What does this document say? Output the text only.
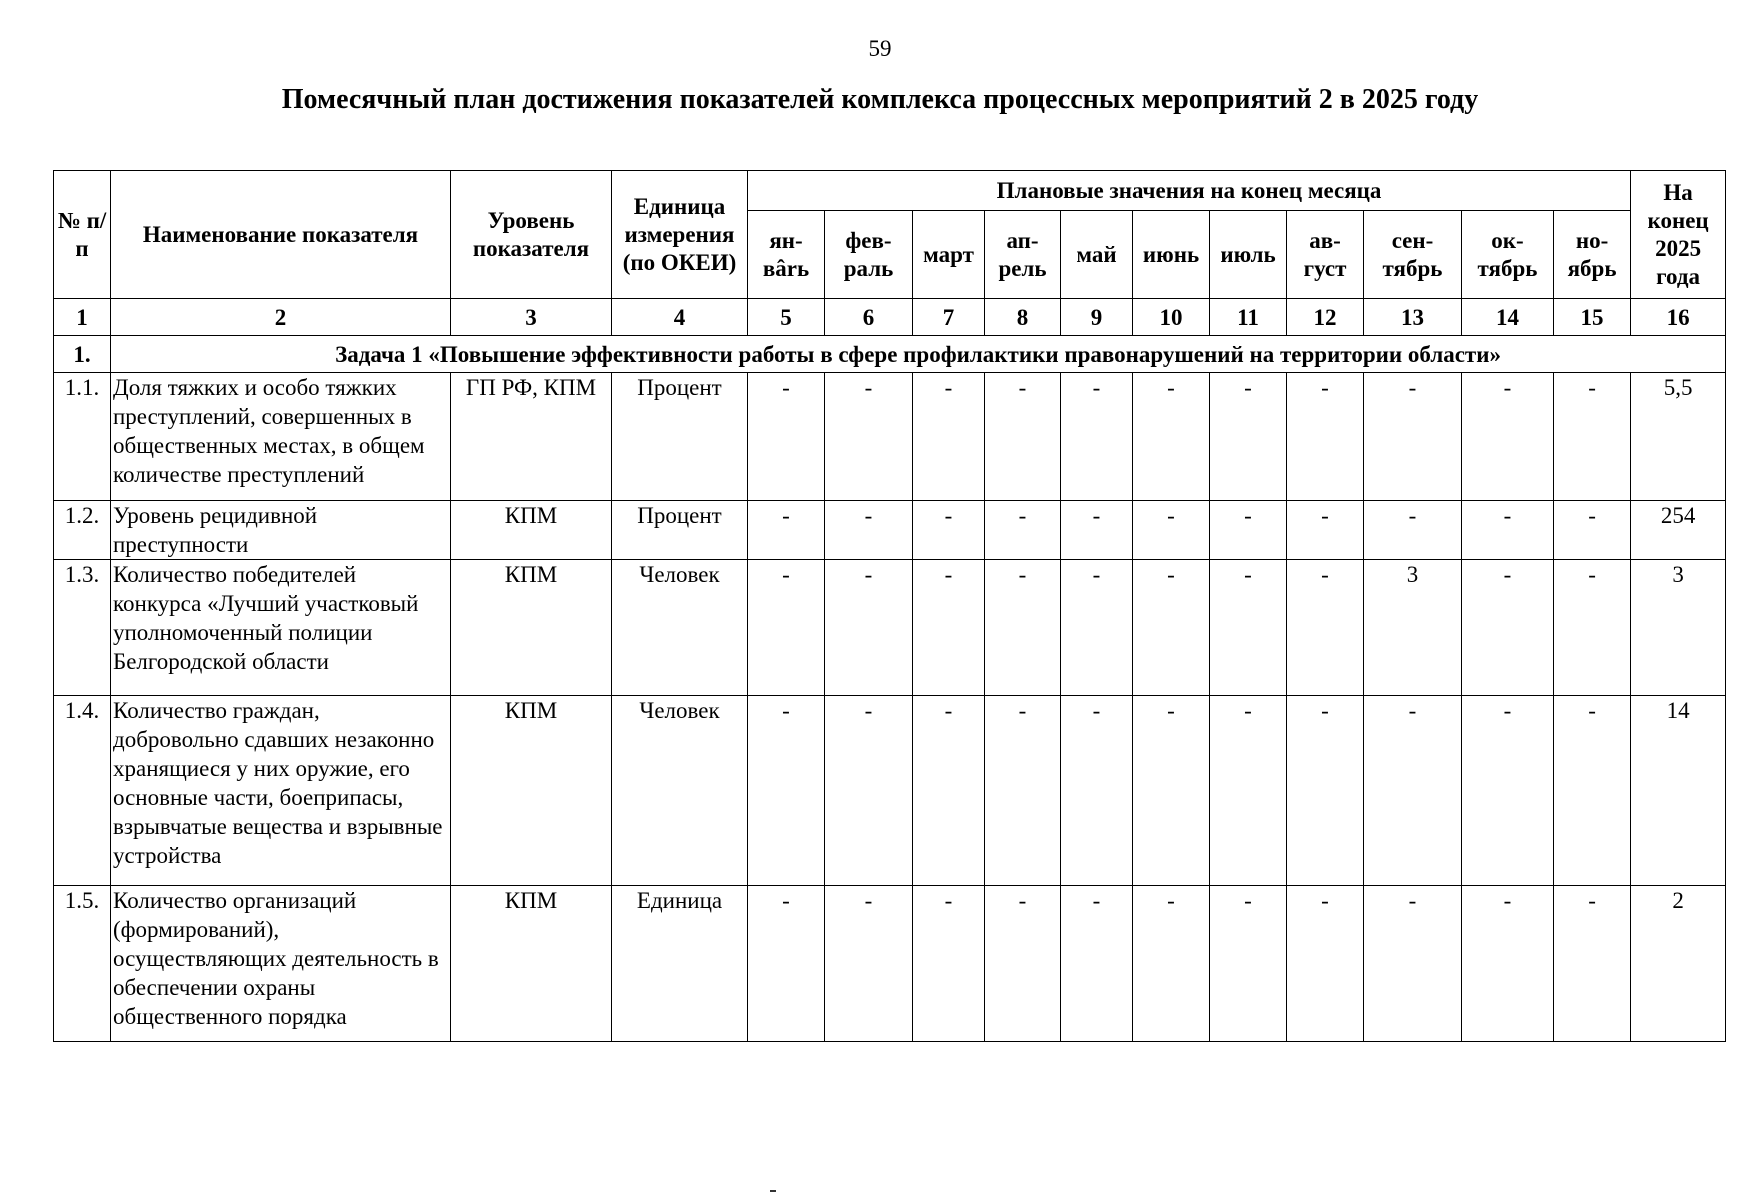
59
Помесячный план достижения показателей комплекса процессных мероприятий 2 в 2025 году
№ п/п	Наименование показателя	Уровень показателя	Единица измерения (по ОКЕИ)	Плановые значения на конец месяца											На конец 2025 года
				ян-вârь	фев-раль	март	ап-рель	май	июнь	июль	ав-густ	сен-тябрь	ок-тябрь	но-ябрь	
1	2	3	4	5	6	7	8	9	10	11	12	13	14	15	16
1.	Задача 1 «Повышение эффективности работы в сфере профилактики правонарушений на территории области»														
1.1.	Доля тяжких и особо тяжких преступлений, совершенных в общественных местах, в общем количестве преступлений	ГП РФ, КПМ	Процент	-	-	-	-	-	-	-	-	-	-	-	5,5
1.2.	Уровень рецидивной преступности	КПМ	Процент	-	-	-	-	-	-	-	-	-	-	-	254
1.3.	Количество победителей конкурса «Лучший участковый уполномоченный полиции Белгородской области	КПМ	Человек	-	-	-	-	-	-	-	-	3	-	-	3
1.4.	Количество граждан, добровольно сдавших незаконно хранящиеся у них оружие, его основные части, боеприпасы, взрывчатые вещества и взрывные устройства	КПМ	Человек	-	-	-	-	-	-	-	-	-	-	-	14
1.5.	Количество организаций (формирований), осуществляющих деятельность в обеспечении охраны общественного порядка	КПМ	Единица	-	-	-	-	-	-	-	-	-	-	-	2
